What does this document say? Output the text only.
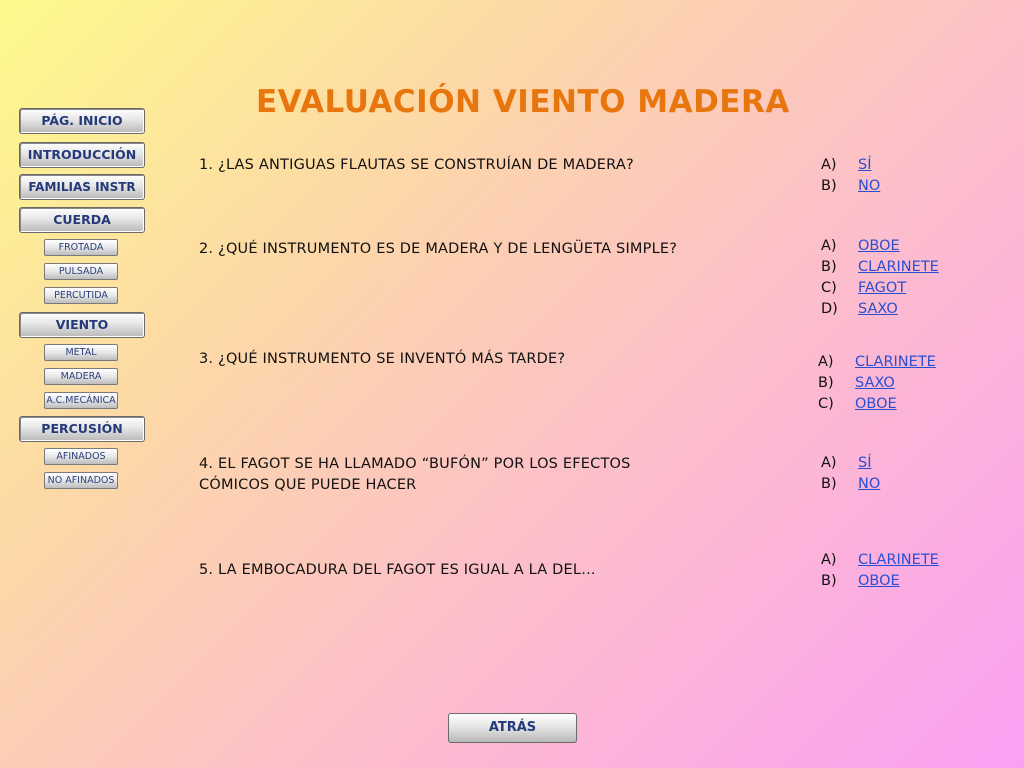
EVALUACIÓN VIENTO MADERA
PÁG. INICIO
INTRODUCCIÓN
FAMILIAS INSTR
CUERDA
FROTADA
PULSADA
PERCUTIDA
VIENTO
METAL
MADERA
A.C.MECÁNICA
PERCUSIÓN
AFINADOS
NO AFINADOS
1. ¿LAS ANTIGUAS FLAUTAS SE CONSTRUÍAN DE MADERA?	A) SÍ
B) NO
2. ¿QUÉ INSTRUMENTO ES DE MADERA Y DE LENGÜETA SIMPLE?	A) OBOE
B) CLARINETE
C) FAGOT
D) SAXO
3. ¿QUÉ INSTRUMENTO SE INVENTÓ MÁS TARDE?	A) CLARINETE
B) SAXO
C) OBOE
4. EL FAGOT SE HA LLAMADO “BUFÓN” POR LOS EFECTOS
CÓMICOS QUE PUEDE HACER
A) SÍ
B) NO
5. LA EMBOCADURA DEL FAGOT ES IGUAL A LA DEL…
A) CLARINETE
B) OBOE
ATRÁS
